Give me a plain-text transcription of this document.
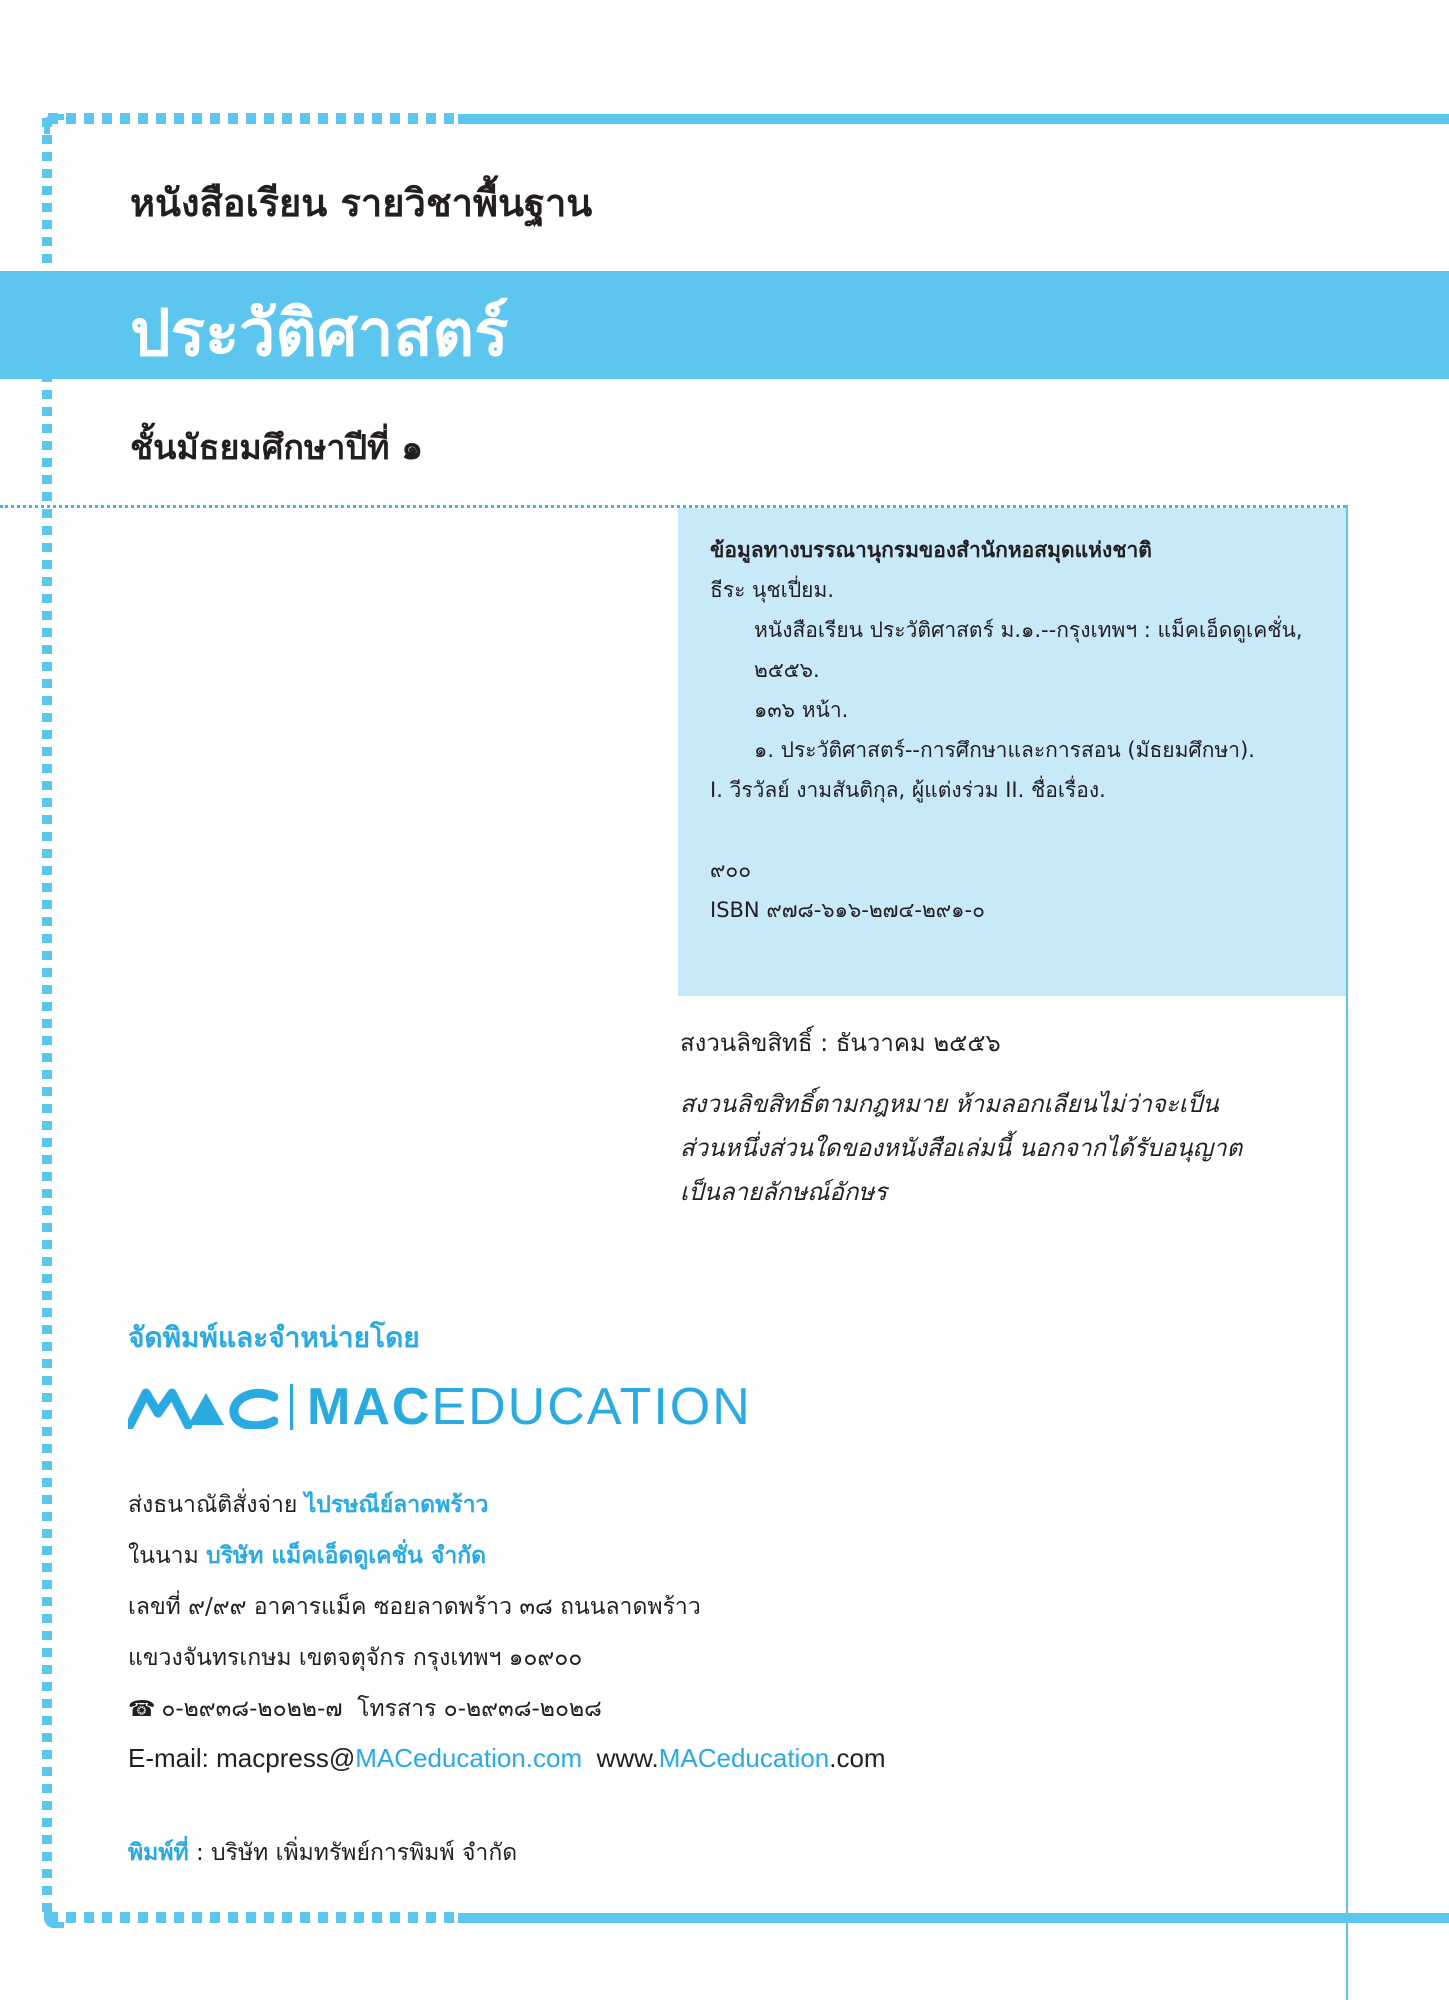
หนังสือเรียน รายวิชาพื้นฐาน
ประวัติศาสตร์
ชั้นมัธยมศึกษาปีที่ ๑
ข้อมูลทางบรรณานุกรมของสำนักหอสมุดแห่งชาติ
ธีระ นุชเปี่ยม.
หนังสือเรียน ประวัติศาสตร์ ม.๑.--กรุงเทพฯ : แม็คเอ็ดดูเคชั่น,
๒๕๕๖.
๑๓๖ หน้า.
๑. ประวัติศาสตร์--การศึกษาและการสอน (มัธยมศึกษา).
I. วีรวัลย์ งามสันติกุล, ผู้แต่งร่วม II. ชื่อเรื่อง.
๙๐๐
ISBN ๙๗๘-๖๑๖-๒๗๔-๒๙๑-๐
สงวนลิขสิทธิ์ : ธันวาคม ๒๕๕๖
สงวนลิขสิทธิ์ตามกฎหมาย ห้ามลอกเลียนไม่ว่าจะเป็น
ส่วนหนึ่งส่วนใดของหนังสือเล่มนี้ นอกจากได้รับอนุญาต
เป็นลายลักษณ์อักษร
จัดพิมพ์และจำหน่ายโดย
MACEDUCATION
ส่งธนาณัติสั่งจ่าย ไปรษณีย์ลาดพร้าว
ในนาม บริษัท แม็คเอ็ดดูเคชั่น จำกัด
เลขที่ ๙/๙๙ อาคารแม็ค ซอยลาดพร้าว ๓๘ ถนนลาดพร้าว
แขวงจันทรเกษม เขตจตุจักร กรุงเทพฯ ๑๐๙๐๐
☎ ๐-๒๙๓๘-๒๐๒๒-๗ โทรสาร ๐-๒๙๓๘-๒๐๒๘
E-mail: macpress@MACeducation.com www.MACeducation.com
พิมพ์ที่ : บริษัท เพิ่มทรัพย์การพิมพ์ จำกัด
